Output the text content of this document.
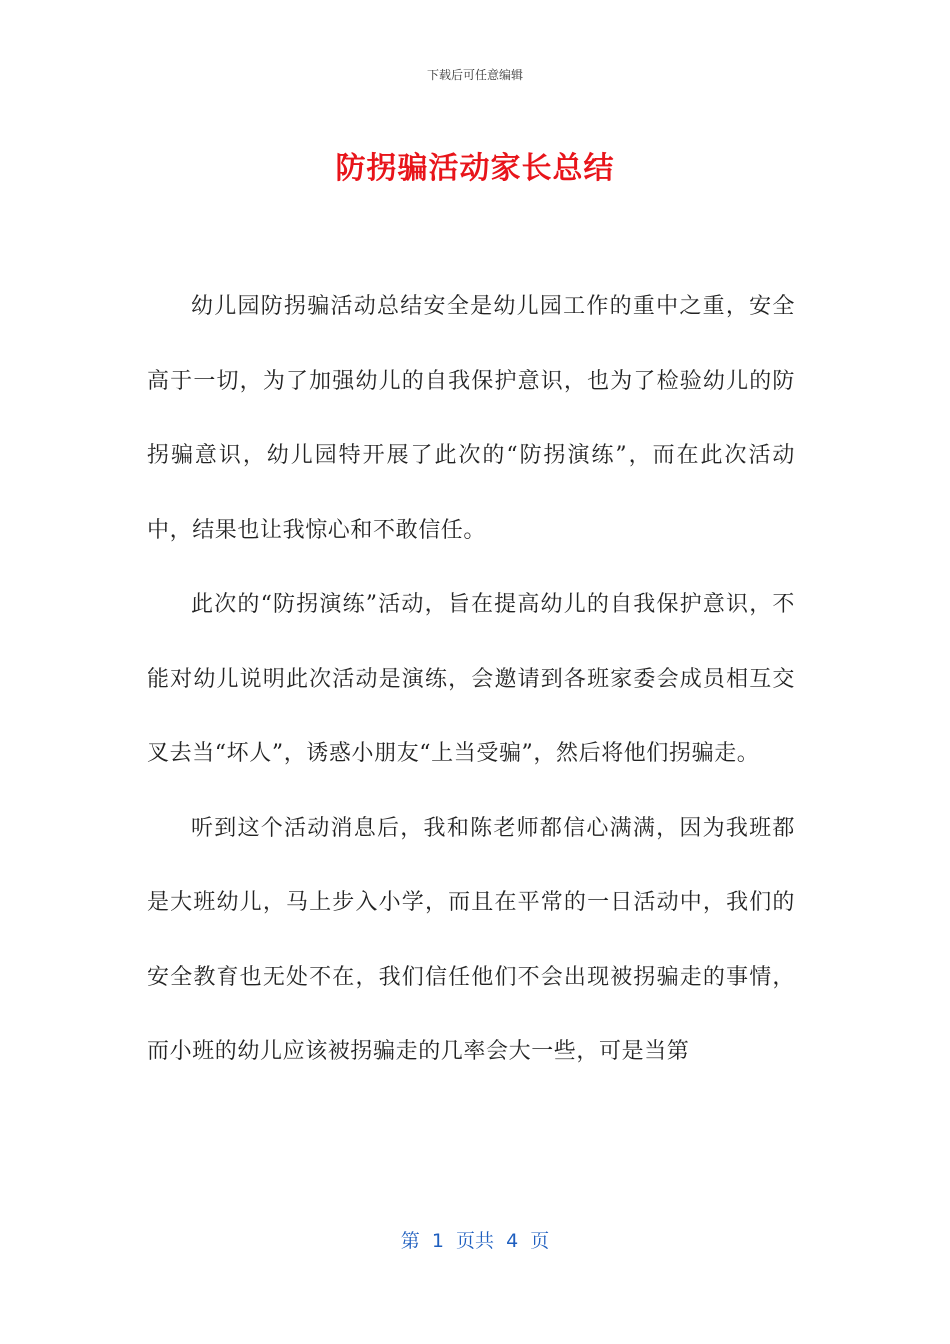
下载后可任意编辑
防拐骗活动家长总结

幼儿园防拐骗活动总结安全是幼儿园工作的重中之重，安全高于一切，为了加强幼儿的自我保护意识，也为了检验幼儿的防拐骗意识，幼儿园特开展了此次的“防拐演练”，而在此次活动中，结果也让我惊心和不敢信任。

此次的“防拐演练”活动，旨在提高幼儿的自我保护意识，不能对幼儿说明此次活动是演练，会邀请到各班家委会成员相互交叉去当“坏人”，诱惑小朋友“上当受骗”，然后将他们拐骗走。

听到这个活动消息后，我和陈老师都信心满满，因为我班都是大班幼儿，马上步入小学，而且在平常的一日活动中，我们的安全教育也无处不在，我们信任他们不会出现被拐骗走的事情，而小班的幼儿应该被拐骗走的几率会大一些，可是当第

第  1  页共  4  页
